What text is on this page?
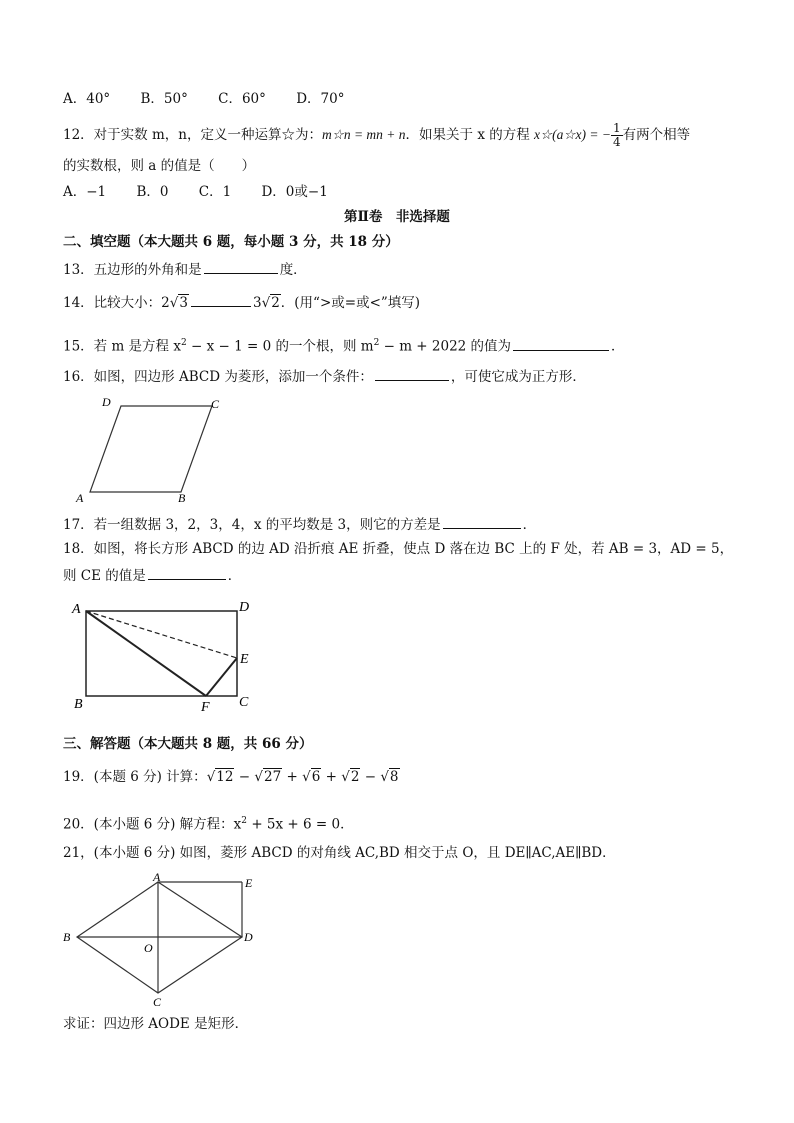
A．40° B．50° C．60° D．70°
12．对于实数 m，n，定义一种运算☆为：m☆n = mn + n．如果关于 x 的方程 x☆(a☆x) = − $\frac{1}{4}$ 有两个相等
的实数根，则 a 的值是（　　）
A．−1 B．0 C．1 D．0或−1
第Ⅱ卷　非选择题
二、填空题（本大题共 6 题，每小题 3 分，共 18 分）
13．五边形的外角和是	度．
14．比较大小：2√3	3√2．(用“>或=或<”填写)
15．若 m 是方程 $x^2 - x - 1 = 0$ 的一个根，则 $m^2 - m + 2022$ 的值为	．
16．如图，四边形 ABCD 为菱形，添加一个条件：	，可使它成为正方形．
D	C
A	B
17．若一组数据 3，2，3，4，x 的平均数是 3，则它的方差是	．
18．如图，将长方形 ABCD 的边 AD 沿折痕 AE 折叠，使点 D 落在边 BC 上的 F 处，若 AB = 3，AD = 5，
则 CE 的值是	．
A	D
E
B	C
F
三、解答题（本大题共 8 题，共 66 分）
19．(本题 6 分) 计算：√12 − √27 + √6 + √2 − √8
20．(本小题 6 分) 解方程：$x^2 + 5x + 6 = 0$．
21，(本小题 6 分) 如图，菱形 ABCD 的对角线 AC,BD 相交于点 O，且 DE∥AC,AE∥BD．
A	E
B	D
O
C
求证：四边形 AODE 是矩形．
